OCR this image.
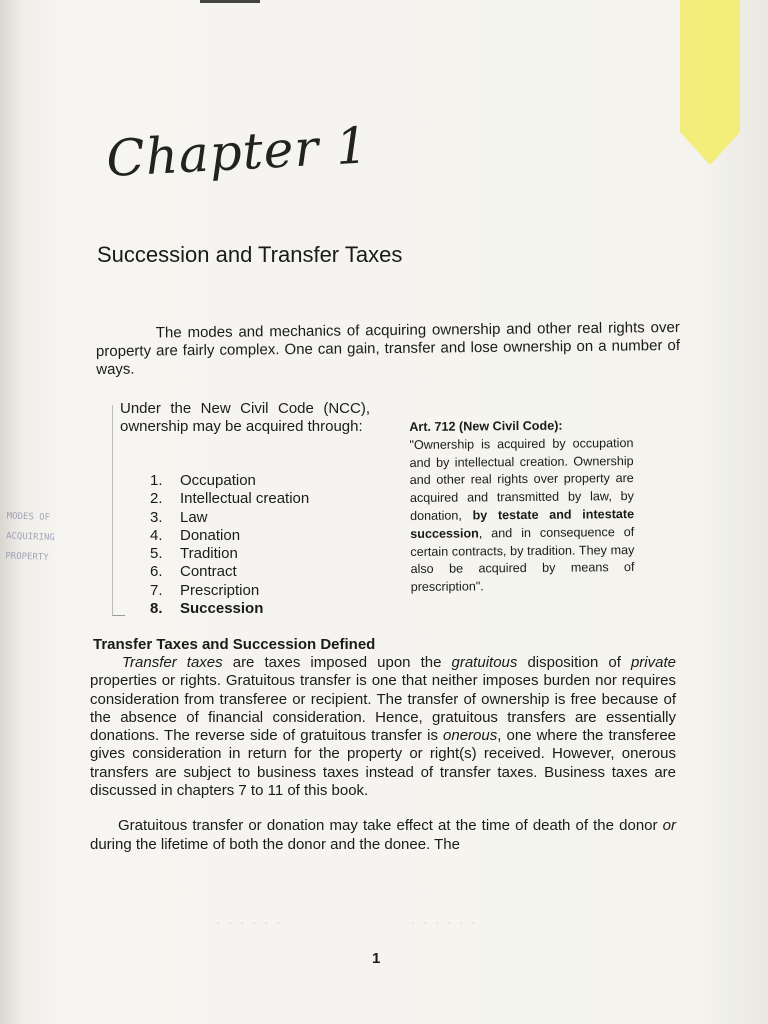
Chapter 1
Succession and Transfer Taxes
The modes and mechanics of acquiring ownership and other real rights over property are fairly complex. One can gain, transfer and lose ownership on a number of ways.
Under the New Civil Code (NCC), ownership may be acquired through:
1. Occupation
2. Intellectual creation
3. Law
4. Donation
5. Tradition
6. Contract
7. Prescription
8. Succession
MODES OF
ACQUIRING
PROPERTY
Art. 712 (New Civil Code):
"Ownership is acquired by occupation and by intellectual creation. Ownership and other real rights over property are acquired and transmitted by law, by donation, by testate and intestate succession, and in consequence of certain contracts, by tradition. They may also be acquired by means of prescription".
Transfer Taxes and Succession Defined

Transfer taxes are taxes imposed upon the gratuitous disposition of private properties or rights. Gratuitous transfer is one that neither imposes burden nor requires consideration from transferee or recipient. The transfer of ownership is free because of the absence of financial consideration. Hence, gratuitous transfers are essentially donations. The reverse side of gratuitous transfer is onerous, one where the transferee gives consideration in return for the property or right(s) received. However, onerous transfers are subject to business taxes instead of transfer taxes. Business taxes are discussed in chapters 7 to 11 of this book.

Gratuitous transfer or donation may take effect at the time of death of the donor or during the lifetime of both the donor and the donee. The

· · · · · ·	· · · · · ·
1
